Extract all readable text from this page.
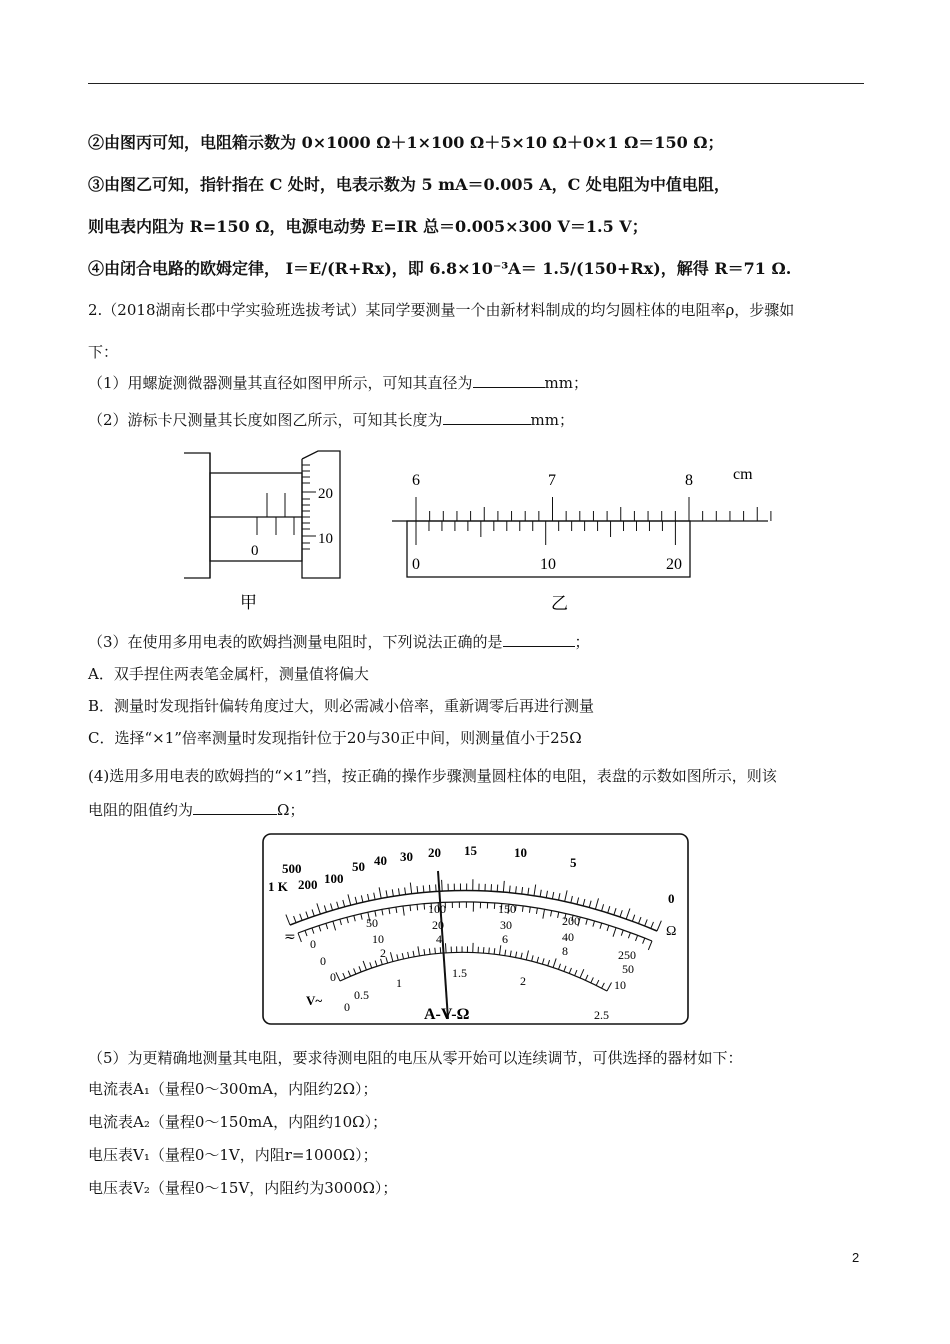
②由图丙可知，电阻箱示数为 0×1000 Ω＋1×100 Ω＋5×10 Ω＋0×1 Ω＝150 Ω；
③由图乙可知，指针指在 C 处时，电表示数为 5 mA＝0.005 A，C 处电阻为中值电阻，
则电表内阻为 R=150 Ω，电源电动势 E=IR 总＝0.005×300 V＝1.5 V；
④由闭合电路的欧姆定律， I＝E/(R+Rx)，即 6.8×10⁻³A＝ 1.5/(150+Rx)，解得 R＝71 Ω.
2.（2018湖南长郡中学实验班选拔考试）某同学要测量一个由新材料制成的均匀圆柱体的电阻率ρ，步骤如
下：
（1）用螺旋测微器测量其直径如图甲所示，可知其直径为	mm；
（2）游标卡尺测量其长度如图乙所示，可知其长度为	mm；
20
10
0
甲
6	7	8	cm
0	10	20
乙
（3）在使用多用电表的欧姆挡测量电阻时，下列说法正确的是	；
A．双手捏住两表笔金属杆，测量值将偏大
B．测量时发现指针偏转角度过大，则必需减小倍率，重新调零后再进行测量
C．选择“×1”倍率测量时发现指针位于20与30正中间，则测量值小于25Ω
(4)选用多用电表的欧姆挡的“×1”挡，按正确的操作步骤测量圆柱体的电阻，表盘的示数如图所示，则该
电阻的阻值约为	Ω；
500
1 K 200 100
50 40 30 20 15	10
5
0
Ω
0
50
100	150
200
250
0
10
20	30
40
50
0
2
4	6
8
10
0
0.5
1
1.5
2
2.5
≂
V~
A-V-Ω
（5）为更精确地测量其电阻，要求待测电阻的电压从零开始可以连续调节，可供选择的器材如下：
电流表A₁（量程0～300mA，内阻约2Ω）；
电流表A₂（量程0～150mA，内阻约10Ω）；
电压表V₁（量程0～1V，内阻r=1000Ω）；
电压表V₂（量程0～15V，内阻约为3000Ω）；
2
